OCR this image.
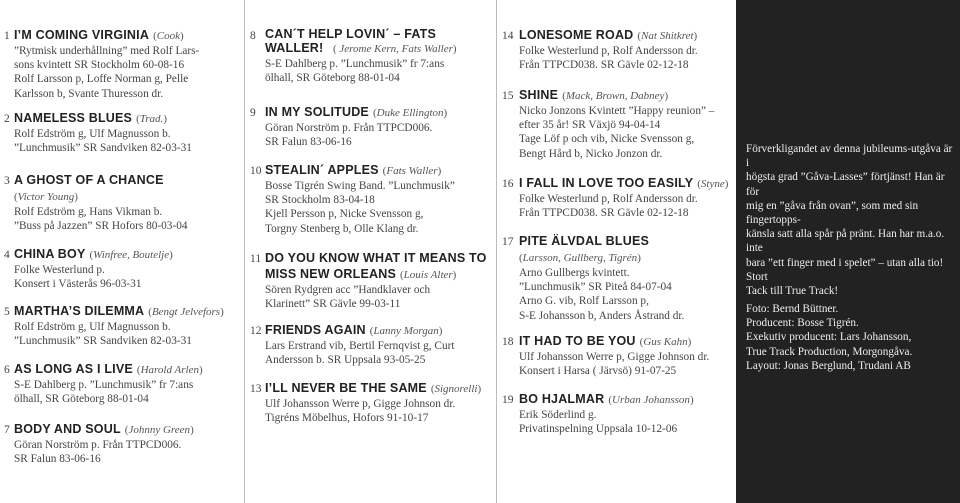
1 I’M COMING VIRGINIA (Cook)
”Rytmisk underhållning” med Rolf Lars-
sons kvintett SR Stockholm 60-08-16
Rolf Larsson p, Loffe Norman g, Pelle
Karlsson b, Svante Thuresson dr.
2 NAMELESS BLUES (Trad.)
Rolf Edström g, Ulf Magnusson b.
”Lunchmusik” SR Sandviken 82-03-31
3 A GHOST OF A CHANCE
(Victor Young)
Rolf Edström g, Hans Vikman b.
”Buss på Jazzen” SR Hofors 80-03-04
4 CHINA BOY (Winfree, Boutelje)
Folke Westerlund p.
Konsert i Västerås 96-03-31
5 MARTHA’S DILEMMA (Bengt Jelvefors)
Rolf Edström g, Ulf Magnusson b.
”Lunchmusik” SR Sandviken 82-03-31
6 AS LONG AS I LIVE (Harold Arlen)
S-E Dahlberg p. ”Lunchmusik” fr 7:ans
ölhall, SR Göteborg 88-01-04
7 BODY AND SOUL (Johnny Green)
Göran Norström p. Från TTPCD006.
SR Falun 83-06-16
8 CAN´T HELP LOVIN´ – FATS WALLER! ( Jerome Kern, Fats Waller)
S-E Dahlberg p. ”Lunchmusik” fr 7:ans
ölhall, SR Göteborg 88-01-04
9 IN MY SOLITUDE (Duke Ellington)
Göran Norström p. Från TTPCD006.
SR Falun 83-06-16
10 STEALIN´ APPLES (Fats Waller)
Bosse Tigrén Swing Band. ”Lunchmusik”
SR Stockholm 83-04-18
Kjell Persson p, Nicke Svensson g,
Torgny Stenberg b, Olle Klang dr.
11 DO YOU KNOW WHAT IT MEANS TO MISS NEW ORLEANS (Louis Alter)
Sören Rydgren acc ”Handklaver och
Klarinett” SR Gävle 99-03-11
12 FRIENDS AGAIN (Lanny Morgan)
Lars Erstrand vib, Bertil Fernqvist g, Curt
Andersson b. SR Uppsala 93-05-25
13 I’LL NEVER BE THE SAME (Signorelli)
Ulf Johansson Werre p, Gigge Johnson dr.
Tigréns Möbelhus, Hofors 91-10-17
14 LONESOME ROAD (Nat Shitkret)
Folke Westerlund p, Rolf Andersson dr.
Från TTPCD038. SR Gävle 02-12-18
15 SHINE (Mack, Brown, Dabney)
Nicko Jonzons Kvintett ”Happy reunion” –
efter 35 år! SR Växjö 94-04-14
Tage Löf p och vib, Nicke Svensson g,
Bengt Hård b, Nicko Jonzon dr.
16 I FALL IN LOVE TOO EASILY (Styne)
Folke Westerlund p, Rolf Andersson dr.
Från TTPCD038. SR Gävle 02-12-18
17 PITE ÄLVDAL BLUES
(Larsson, Gullberg, Tigrén)
Arno Gullbergs kvintett.
”Lunchmusik” SR Piteå 84-07-04
Arno G. vib, Rolf Larsson p,
S-E Johansson b, Anders Åstrand dr.
18 IT HAD TO BE YOU (Gus Kahn)
Ulf Johansson Werre p, Gigge Johnson dr.
Konsert i Harsa ( Järvsö) 91-07-25
19 BO HJALMAR (Urban Johansson)
Erik Söderlind g.
Privatinspelning Uppsala 10-12-06
Förverkligandet av denna jubileums-utgåva är i
högsta grad ”Gåva-Lasses” förtjänst! Han är för
mig en ”gåva från ovan”, som med sin fingertopps-
känsla satt alla spår på pränt. Han har m.a.o. inte
bara ”ett finger med i spelet” – utan alla tio! Stort
Tack till True Track!
Foto: Bernd Büttner.
Producent: Bosse Tigrén.
Exekutiv producent: Lars Johansson,
True Track Production, Morgongåva.
Layout: Jonas Berglund, Trudani AB
